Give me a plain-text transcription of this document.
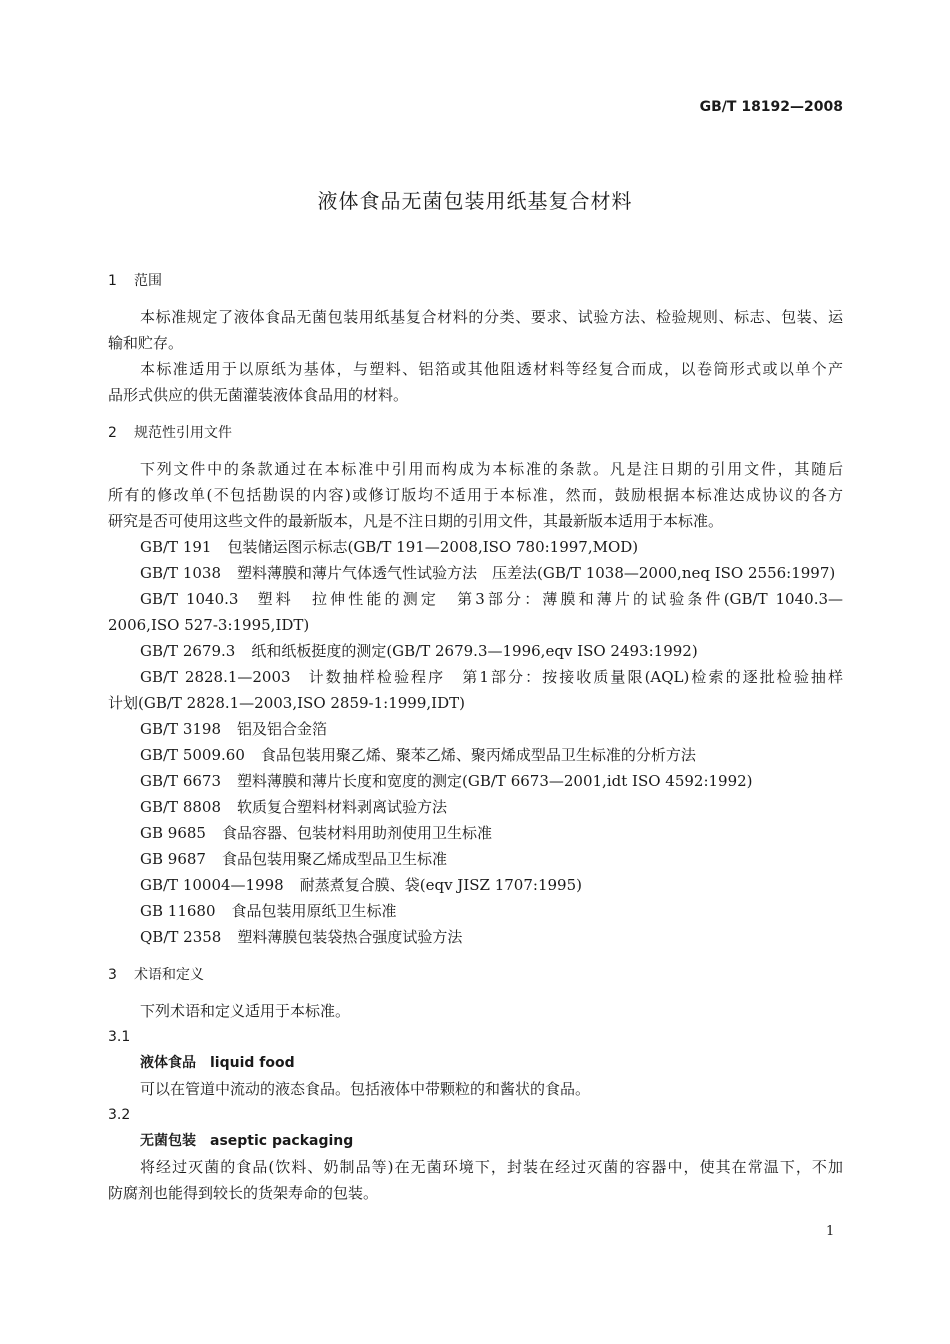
GB/T 18192—2008
液体食品无菌包装用纸基复合材料
1 范围
本标准规定了液体食品无菌包装用纸基复合材料的分类、要求、试验方法、检验规则、标志、包装、运
输和贮存。
本标准适用于以原纸为基体，与塑料、铝箔或其他阻透材料等经复合而成，以卷筒形式或以单个产
品形式供应的供无菌灌装液体食品用的材料。
2 规范性引用文件
下列文件中的条款通过在本标准中引用而构成为本标准的条款。凡是注日期的引用文件，其随后
所有的修改单(不包括勘误的内容)或修订版均不适用于本标准，然而，鼓励根据本标准达成协议的各方
研究是否可使用这些文件的最新版本，凡是不注日期的引用文件，其最新版本适用于本标准。
GB/T 191 包装储运图示标志(GB/T 191—2008,ISO 780:1997,MOD)
GB/T 1038 塑料薄膜和薄片气体透气性试验方法　压差法(GB/T 1038—2000,neq ISO 2556:1997)
GB/T 1040.3 塑料　拉伸性能的测定　第3部分：薄膜和薄片的试验条件(GB/T 1040.3—
2006,ISO 527-3:1995,IDT)
GB/T 2679.3 纸和纸板挺度的测定(GB/T 2679.3—1996,eqv ISO 2493:1992)
GB/T 2828.1—2003 计数抽样检验程序　第1部分：按接收质量限(AQL)检索的逐批检验抽样
计划(GB/T 2828.1—2003,ISO 2859-1:1999,IDT)
GB/T 3198 铝及铝合金箔
GB/T 5009.60 食品包装用聚乙烯、聚苯乙烯、聚丙烯成型品卫生标准的分析方法
GB/T 6673 塑料薄膜和薄片长度和宽度的测定(GB/T 6673—2001,idt ISO 4592:1992)
GB/T 8808 软质复合塑料材料剥离试验方法
GB 9685 食品容器、包装材料用助剂使用卫生标准
GB 9687 食品包装用聚乙烯成型品卫生标准
GB/T 10004—1998 耐蒸煮复合膜、袋(eqv JISZ 1707:1995)
GB 11680 食品包装用原纸卫生标准
QB/T 2358 塑料薄膜包装袋热合强度试验方法
3 术语和定义
下列术语和定义适用于本标准。
3.1
液体食品 liquid food
可以在管道中流动的液态食品。包括液体中带颗粒的和酱状的食品。
3.2
无菌包装 aseptic packaging
将经过灭菌的食品(饮料、奶制品等)在无菌环境下，封装在经过灭菌的容器中，使其在常温下，不加
防腐剂也能得到较长的货架寿命的包装。
1
